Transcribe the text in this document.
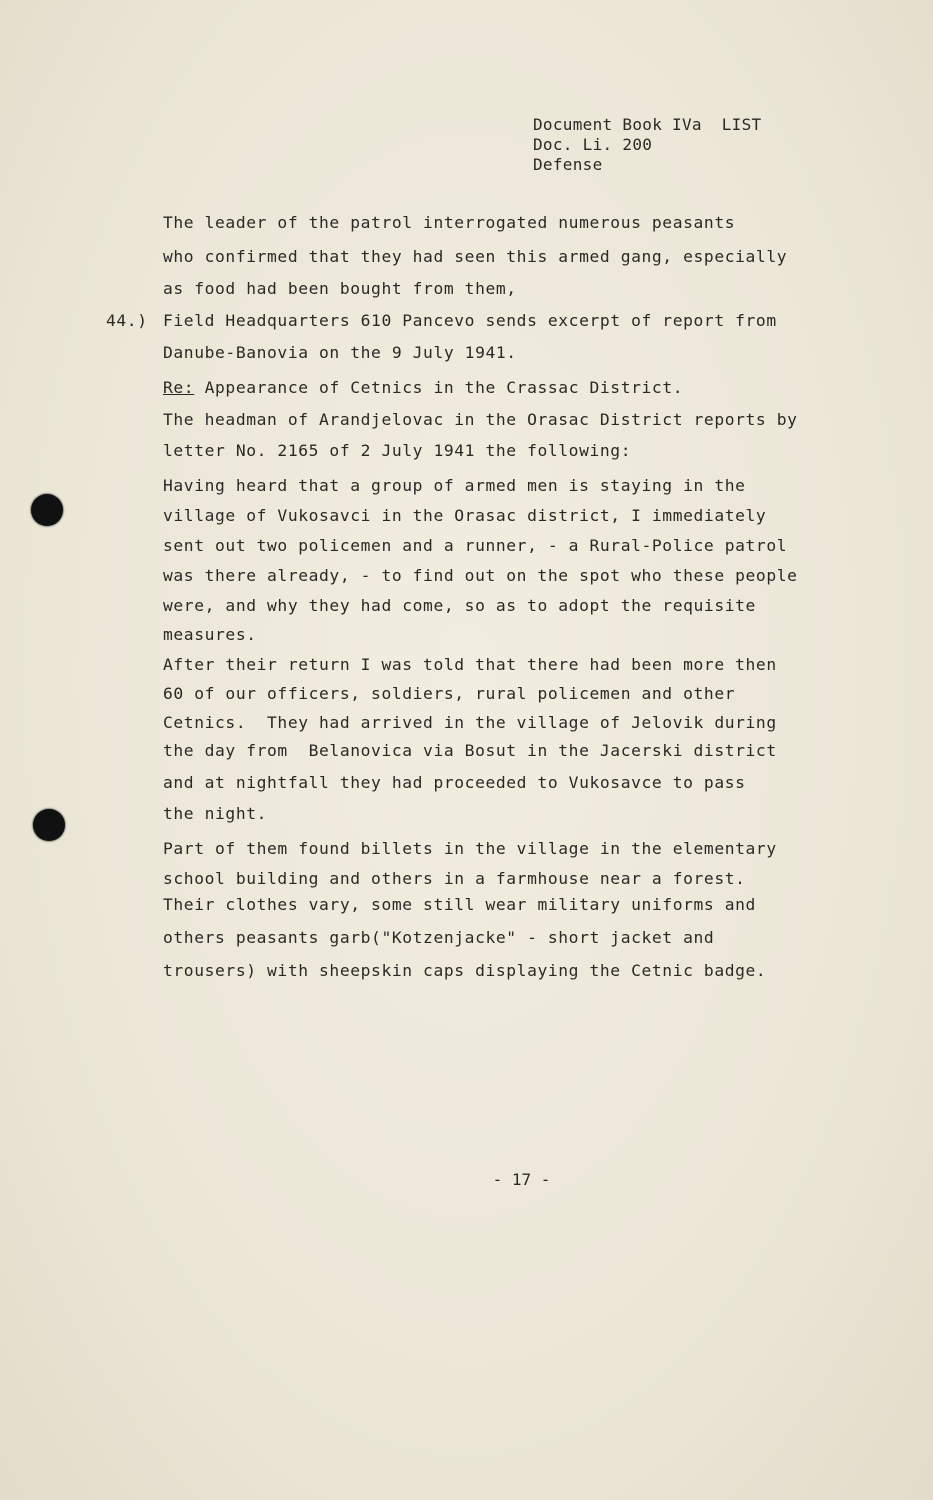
Document Book IVa  LIST
Doc. Li. 200
Defense
The leader of the patrol interrogated numerous peasants
who confirmed that they had seen this armed gang, especially
as food had been bought from them,
44.) Field Headquarters 610 Pancevo sends excerpt of report from
Danube-Banovia on the 9 July 1941.
Re: Appearance of Cetnics in the Crassac District.
The headman of Arandjelovac in the Orasac District reports by
letter No. 2165 of 2 July 1941 the following:
Having heard that a group of armed men is staying in the
village of Vukosavci in the Orasac district, I immediately
sent out two policemen and a runner, - a Rural-Police patrol
was there already, - to find out on the spot who these people
were, and why they had come, so as to adopt the requisite
measures.
After their return I was told that there had been more then
60 of our officers, soldiers, rural policemen and other
Cetnics.  They had arrived in the village of Jelovik during
the day from  Belanovica via Bosut in the Jacerski district
and at nightfall they had proceeded to Vukosavce to pass
the night.
Part of them found billets in the village in the elementary
school building and others in a farmhouse near a forest.
Their clothes vary, some still wear military uniforms and
others peasants garb("Kotzenjacke" - short jacket and
trousers) with sheepskin caps displaying the Cetnic badge.
- 17 -
